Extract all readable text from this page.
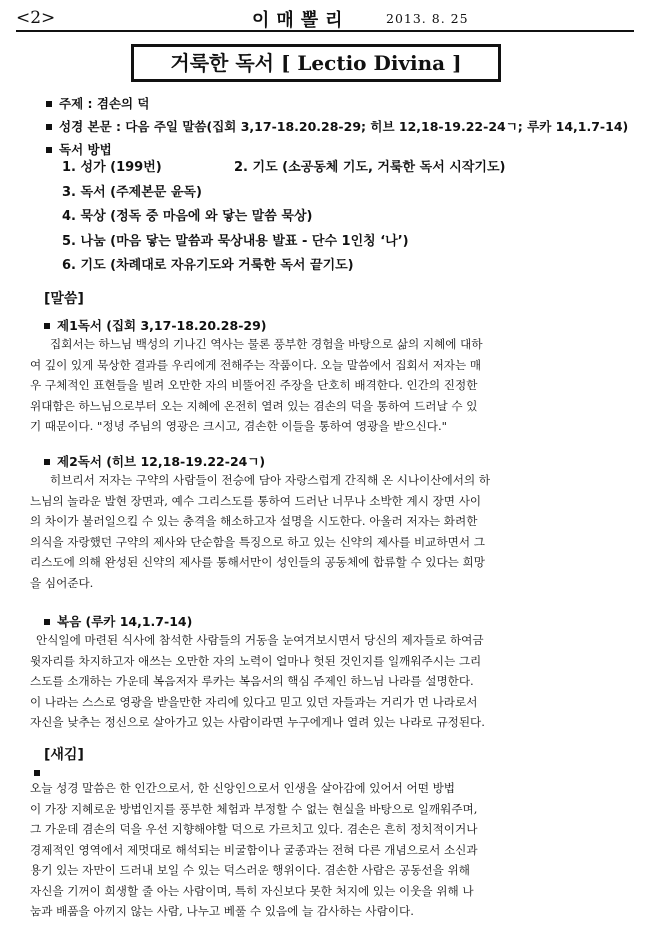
<2>	이매뽈리	2013. 8. 25
거룩한 독서 [ Lectio Divina ]
주제 : 겸손의 덕
성경 본문 : 다음 주일 말씀(집회 3,17-18.20.28-29; 히브 12,18-19.22-24ㄱ; 루카 14,1.7-14)
독서 방법
1. 성가 (199번)	2. 기도 (소공동체 기도, 거룩한 독서 시작기도)
3. 독서 (주제본문 윤독)
4. 묵상 (정독 중 마음에 와 닿는 말씀 묵상)
5. 나눔 (마음 닿는 말씀과 묵상내용 발표 - 단수 1인칭 ‘나’)
6. 기도 (차례대로 자유기도와 거룩한 독서 끝기도)
[말씀]
제1독서 (집회 3,17-18.20.28-29)
집회서는 하느님 백성의 기나긴 역사는 물론 풍부한 경험을 바탕으로 삶의 지혜에 대하
여 깊이 있게 묵상한 결과를 우리에게 전해주는 작품이다. 오늘 말씀에서 집회서 저자는 매
우 구체적인 표현들을 빌려 오만한 자의 비뚤어진 주장을 단호히 배격한다. 인간의 진정한
위대함은 하느님으로부터 오는 지혜에 온전히 열려 있는 겸손의 덕을 통하여 드러날 수 있
기 때문이다. "정녕 주님의 영광은 크시고, 겸손한 이들을 통하여 영광을 받으신다."
제2독서 (히브 12,18-19.22-24ㄱ)
히브리서 저자는 구약의 사람들이 전승에 담아 자랑스럽게 간직해 온 시나이산에서의 하
느님의 놀라운 발현 장면과, 예수 그리스도를 통하여 드러난 너무나 소박한 계시 장면 사이
의 차이가 불러일으킬 수 있는 충격을 해소하고자 설명을 시도한다. 아울러 저자는 화려한
의식을 자랑했던 구약의 제사와 단순함을 특징으로 하고 있는 신약의 제사를 비교하면서 그
리스도에 의해 완성된 신약의 제사를 통해서만이 성인들의 공동체에 합류할 수 있다는 희망
을 심어준다.
복음 (루카 14,1.7-14)
안식일에 마련된 식사에 참석한 사람들의 거동을 눈여겨보시면서 당신의 제자들로 하여금
윗자리를 차지하고자 애쓰는 오만한 자의 노력이 얼마나 헛된 것인지를 일깨워주시는 그리
스도를 소개하는 가운데 복음저자 루카는 복음서의 핵심 주제인 하느님 나라를 설명한다.
이 나라는 스스로 영광을 받을만한 자리에 있다고 믿고 있던 자들과는 거리가 먼 나라로서
자신을 낮추는 정신으로 살아가고 있는 사람이라면 누구에게나 열려 있는 나라로 규정된다.
[새김]
오늘 성경 말씀은 한 인간으로서, 한 신앙인으로서 인생을 살아감에 있어서 어떤 방법
이 가장 지혜로운 방법인지를 풍부한 체험과 부정할 수 없는 현실을 바탕으로 일깨워주며,
그 가운데 겸손의 덕을 우선 지향해야할 덕으로 가르치고 있다. 겸손은 흔히 정치적이거나
경제적인 영역에서 제멋대로 해석되는 비굴함이나 굴종과는 전혀 다른 개념으로서 소신과
용기 있는 자만이 드러내 보일 수 있는 덕스러운 행위이다. 겸손한 사람은 공동선을 위해
자신을 기꺼이 희생할 줄 아는 사람이며, 특히 자신보다 못한 처지에 있는 이웃을 위해 나
눔과 배품을 아끼지 않는 사람, 나누고 베풀 수 있음에 늘 감사하는 사람이다.
